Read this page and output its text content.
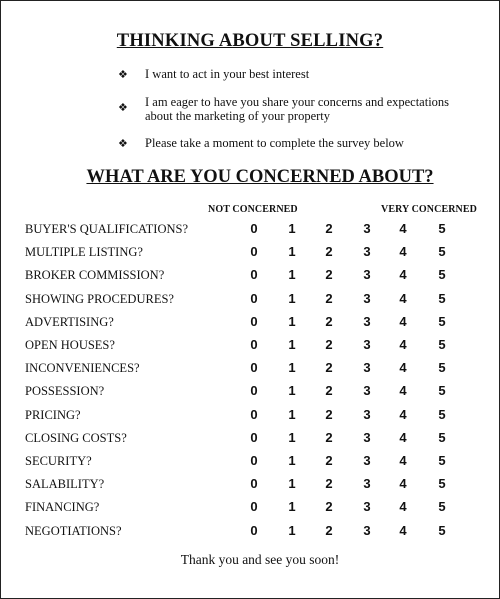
THINKING ABOUT SELLING?
❖ I want to act in your best interest
❖ I am eager to have you share your concerns and expectations about the marketing of your property
❖ Please take a moment to complete the survey below
WHAT ARE YOU CONCERNED ABOUT?
NOT CONCERNED	VERY CONCERNED
BUYER'S QUALIFICATIONS?	0 1 2 3 4 5
MULTIPLE LISTING?	0 1 2 3 4 5
BROKER COMMISSION?	0 1 2 3 4 5
SHOWING PROCEDURES?	0 1 2 3 4 5
ADVERTISING?	0 1 2 3 4 5
OPEN HOUSES?	0 1 2 3 4 5
INCONVENIENCES?	0 1 2 3 4 5
POSSESSION?	0 1 2 3 4 5
PRICING?	0 1 2 3 4 5
CLOSING COSTS?	0 1 2 3 4 5
SECURITY?	0 1 2 3 4 5
SALABILITY?	0 1 2 3 4 5
FINANCING?	0 1 2 3 4 5
NEGOTIATIONS?	0 1 2 3 4 5
Thank you and see you soon!
